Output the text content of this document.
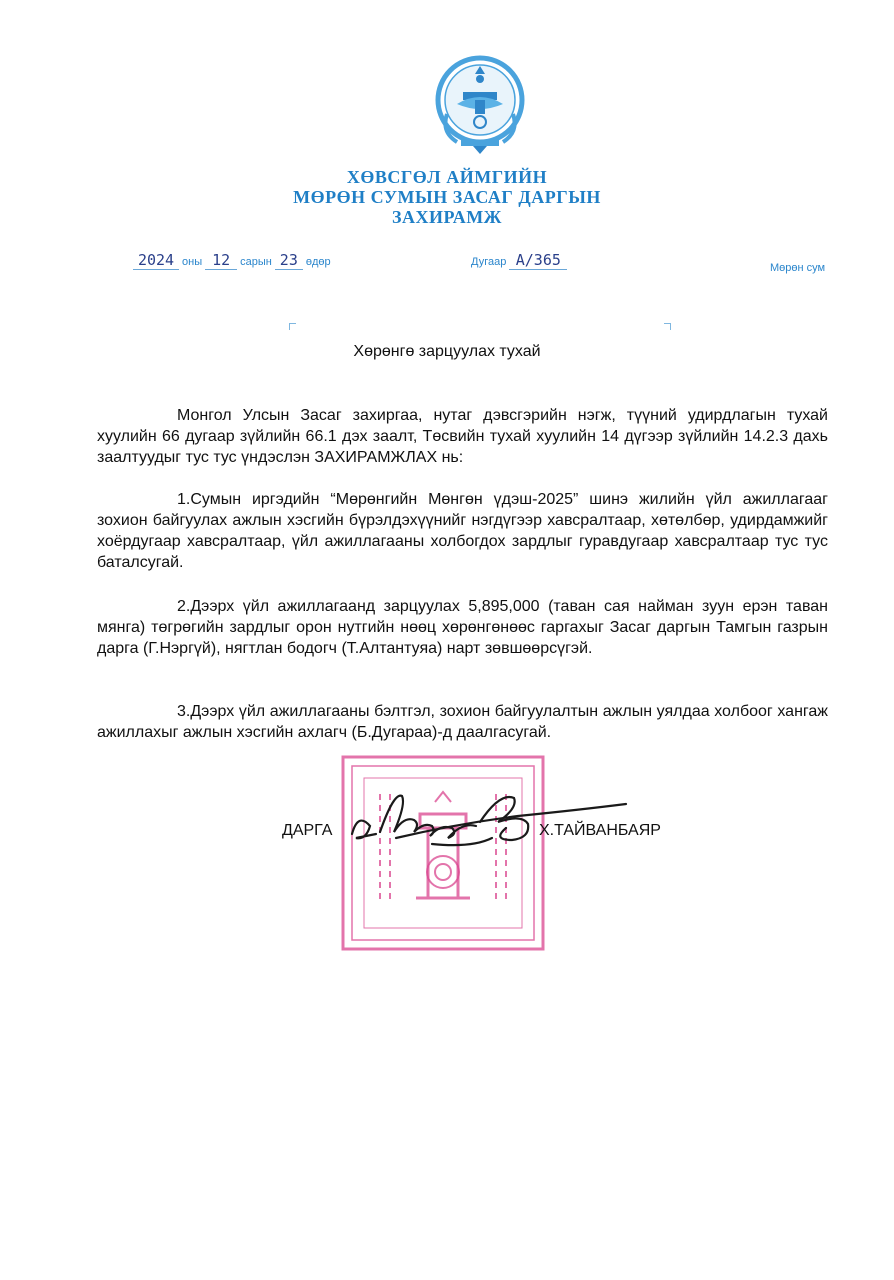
ХӨВСГӨЛ АЙМГИЙН
МӨРӨН СУМЫН ЗАСАГ ДАРГЫН
ЗАХИРАМЖ
2024 оны 12 сарын 23 өдөр	Дугаар А/365	Мөрөн сум
Хөрөнгө зарцуулах тухай
Монгол Улсын Засаг захиргаа, нутаг дэвсгэрийн нэгж, түүний удирдлагын тухай хуулийн 66 дугаар зүйлийн 66.1 дэх заалт, Төсвийн тухай хуулийн 14 дүгээр зүйлийн 14.2.3 дахь заалтуудыг тус тус үндэслэн ЗАХИРАМЖЛАХ нь:
1.Сумын иргэдийн “Мөрөнгийн Мөнгөн үдэш-2025” шинэ жилийн үйл ажиллагааг зохион байгуулах ажлын хэсгийн бүрэлдэхүүнийг нэгдүгээр хавсралтаар, хөтөлбөр, удирдамжийг хоёрдугаар хавсралтаар, үйл ажиллагааны холбогдох зардлыг гуравдугаар хавсралтаар тус тус баталсугай.
2.Дээрх үйл ажиллагаанд зарцуулах 5,895,000 (таван сая найман зуун ерэн таван мянга) төгрөгийн зардлыг орон нутгийн нөөц хөрөнгөнөөс гаргахыг Засаг даргын Тамгын газрын дарга (Г.Нэргүй), нягтлан бодогч (Т.Алтантуяа) нарт зөвшөөрсүгэй.
3.Дээрх үйл ажиллагааны бэлтгэл, зохион байгуулалтын ажлын уялдаа холбоог хангаж ажиллахыг ажлын хэсгийн ахлагч (Б.Дугараа)-д даалгасугай.
ДАРГА	Х.ТАЙВАНБАЯР
